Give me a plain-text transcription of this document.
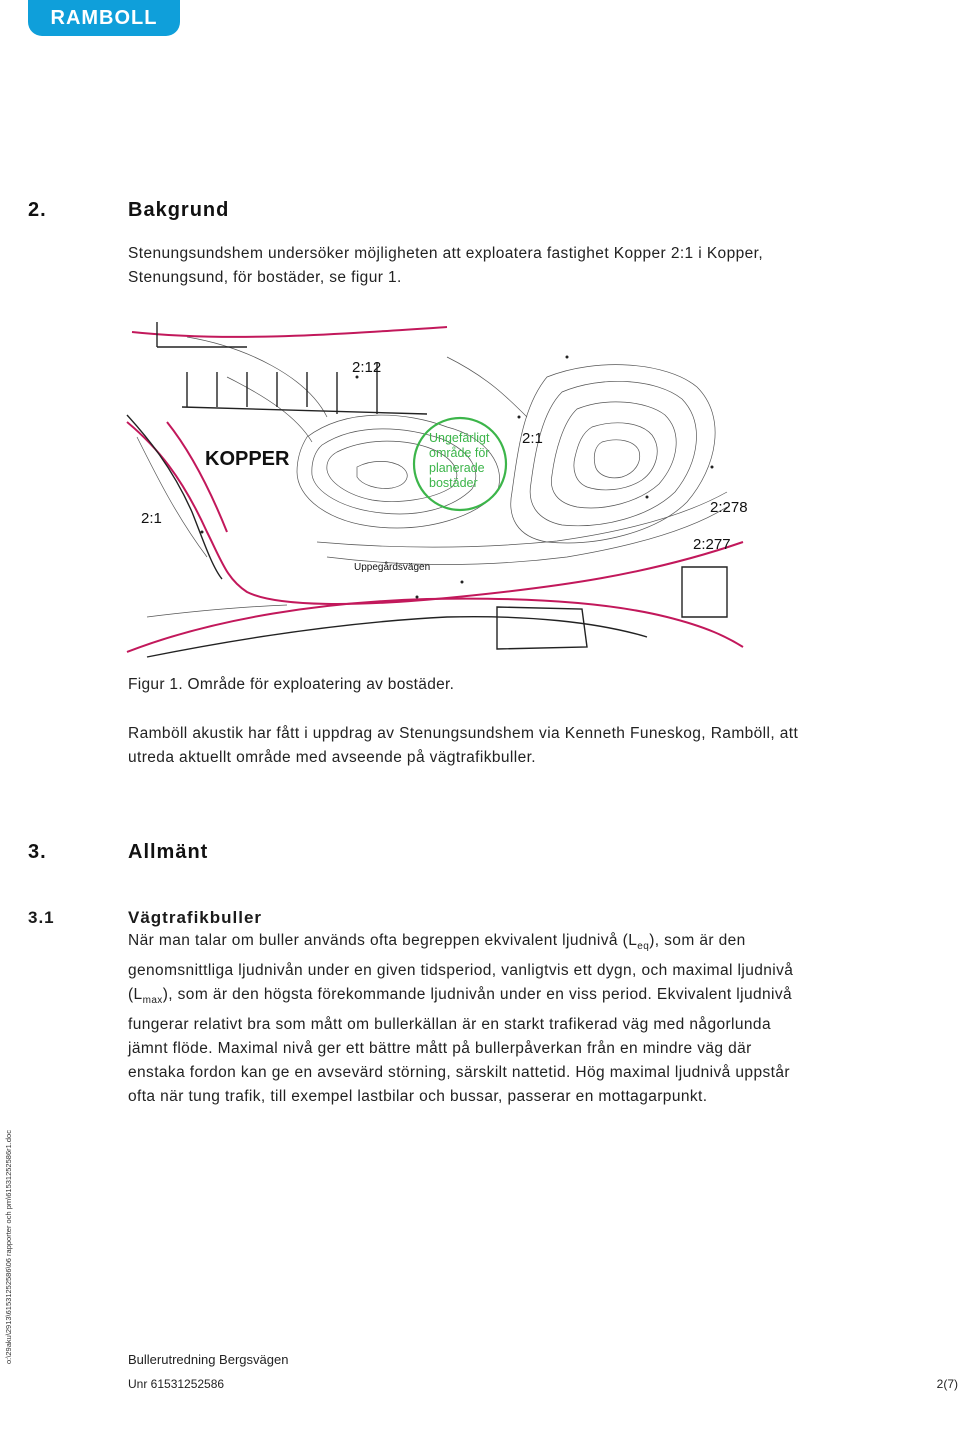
RAMBOLL
2.	Bakgrund

Stenungsundshem undersöker möjligheten att exploatera fastighet Kopper 2:1 i Kopper, Stenungsund, för bostäder, se figur 1.

2:12
KOPPER
2:1
2:1
2:278
2:277
Uppegårdsvägen
Ungefärligt
område för
planerade
bostäder
Figur 1. Område för exploatering av bostäder.

Ramböll akustik har fått i uppdrag av Stenungsundshem via Kenneth Funeskog, Ramböll, att utreda aktuellt område med avseende på vägtrafikbuller.

3.	Allmänt
3.1	Vägtrafikbuller

När man talar om buller används ofta begreppen ekvivalent ljudnivå $(L_{eq})$, som är den genomsnittliga ljudnivån under en given tidsperiod, vanligtvis ett dygn, och maximal ljudnivå $(L_{max})$, som är den högsta förekommande ljudnivån under en viss period. Ekvivalent ljudnivå fungerar relativt bra som mått om bullerkällan är en starkt trafikerad väg med någorlunda jämnt flöde. Maximal nivå ger ett bättre mått på bullerpåverkan från en mindre väg där enstaka fordon kan ge en avsevärd störning, särskilt nattetid. Hög maximal ljudnivå uppstår ofta när tung trafik, till exempel lastbilar och bussar, passerar en mottagarpunkt.

o:\29aku\2913\61531252586\06 rapporter och pm\61531252586r1.doc	Bullerutredning Bergsvägen
Unr 61531252586	2(7)
